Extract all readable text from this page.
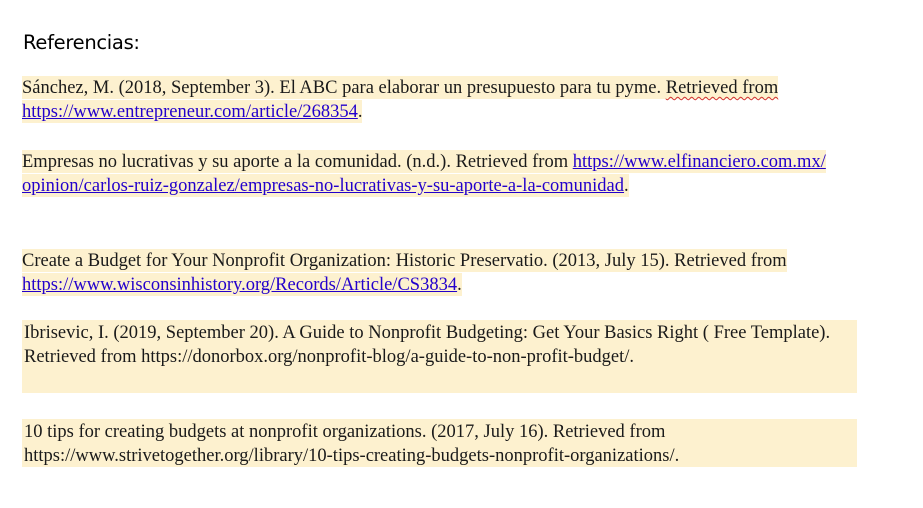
Referencias:

Sánchez, M. (2018, September 3). El ABC para elaborar un presupuesto para tu pyme. Retrieved from https://www.entrepreneur.com/article/268354.

Empresas no lucrativas y su aporte a la comunidad. (n.d.). Retrieved from https://www.elfinanciero.com.mx/opinion/carlos-ruiz-gonzalez/empresas-no-lucrativas-y-su-aporte-a-la-comunidad.

Create a Budget for Your Nonprofit Organization: Historic Preservatio. (2013, July 15). Retrieved from https://www.wisconsinhistory.org/Records/Article/CS3834.

Ibrisevic, I. (2019, September 20). A Guide to Nonprofit Budgeting: Get Your Basics Right ( Free Template). Retrieved from https://donorbox.org/nonprofit-blog/a-guide-to-non-profit-budget/.

10 tips for creating budgets at nonprofit organizations. (2017, July 16). Retrieved from https://www.strivetogether.org/library/10-tips-creating-budgets-nonprofit-organizations/.
